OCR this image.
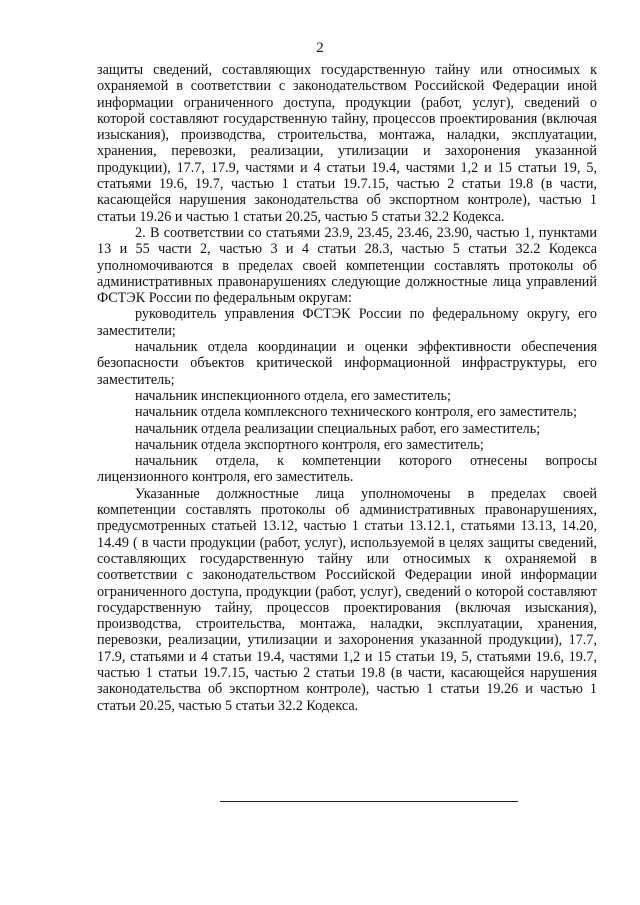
2

защиты сведений, составляющих государственную тайну или относимых к охраняемой в соответствии с законодательством Российской Федерации иной информации ограниченного доступа, продукции (работ, услуг), сведений о которой составляют государственную тайну, процессов проектирования (включая изыскания), производства, строительства, монтажа, наладки, эксплуатации, хранения, перевозки, реализации, утилизации и захоронения указанной продукции), 17.7, 17.9, частями и 4 статьи 19.4, частями 1,2 и 15 статьи 19, 5, статьями 19.6, 19.7, частью 1 статьи 19.7.15, частью 2 статьи 19.8 (в части, касающейся нарушения законодательства об экспортном контроле), частью 1 статьи 19.26 и частью 1 статьи 20.25, частью 5 статьи 32.2 Кодекса.

2. В соответствии со статьями 23.9, 23.45, 23.46, 23.90, частью 1, пунктами 13 и 55 части 2, частью 3 и 4 статьи 28.3, частью 5 статьи 32.2 Кодекса уполномочиваются в пределах своей компетенции составлять протоколы об административных правонарушениях следующие должностные лица управлений ФСТЭК России по федеральным округам:

руководитель управления ФСТЭК России по федеральному округу, его заместители;

начальник отдела координации и оценки эффективности обеспечения безопасности объектов критической информационной инфраструктуры, его заместитель;

начальник инспекционного отдела, его заместитель;

начальник отдела комплексного технического контроля, его заместитель;

начальник отдела реализации специальных работ, его заместитель;

начальник отдела экспортного контроля, его заместитель;

начальник отдела, к компетенции которого отнесены вопросы лицензионного контроля, его заместитель.

Указанные должностные лица уполномочены в пределах своей компетенции составлять протоколы об административных правонарушениях, предусмотренных статьей 13.12, частью 1 статьи 13.12.1, статьями 13.13, 14.20, 14.49 ( в части продукции (работ, услуг), используемой в целях защиты сведений, составляющих государственную тайну или относимых к охраняемой в соответствии с законодательством Российской Федерации иной информации ограниченного доступа, продукции (работ, услуг), сведений о которой составляют государственную тайну, процессов проектирования (включая изыскания), производства, строительства, монтажа, наладки, эксплуатации, хранения, перевозки, реализации, утилизации и захоронения указанной продукции), 17.7, 17.9, статьями и 4 статьи 19.4, частями 1,2 и 15 статьи 19, 5, статьями 19.6, 19.7, частью 1 статьи 19.7.15, частью 2 статьи 19.8 (в части, касающейся нарушения законодательства об экспортном контроле), частью 1 статьи 19.26 и частью 1 статьи 20.25, частью 5 статьи 32.2 Кодекса.
